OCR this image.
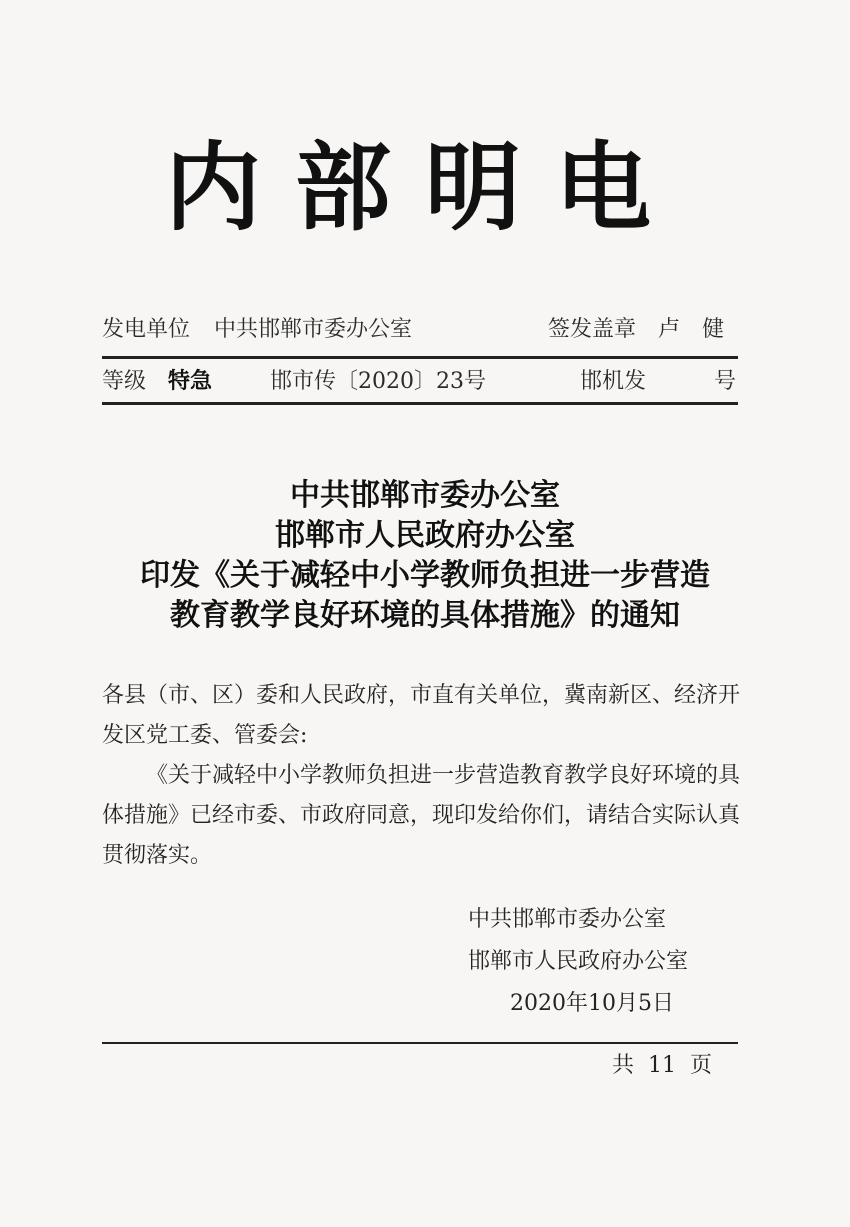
内部明电
发电单位 中共邯郸市委办公室	签发盖章 卢　健
等级 特急	邯市传〔2020〕23号	邯机发	号
中共邯郸市委办公室
邯郸市人民政府办公室
印发《关于减轻中小学教师负担进一步营造
教育教学良好环境的具体措施》的通知
各县（市、区）委和人民政府，市直有关单位，冀南新区、经济开发区党工委、管委会:
《关于减轻中小学教师负担进一步营造教育教学良好环境的具体措施》已经市委、市政府同意，现印发给你们，请结合实际认真贯彻落实。
中共邯郸市委办公室
邯郸市人民政府办公室
2020年10月5日
共 11 页
